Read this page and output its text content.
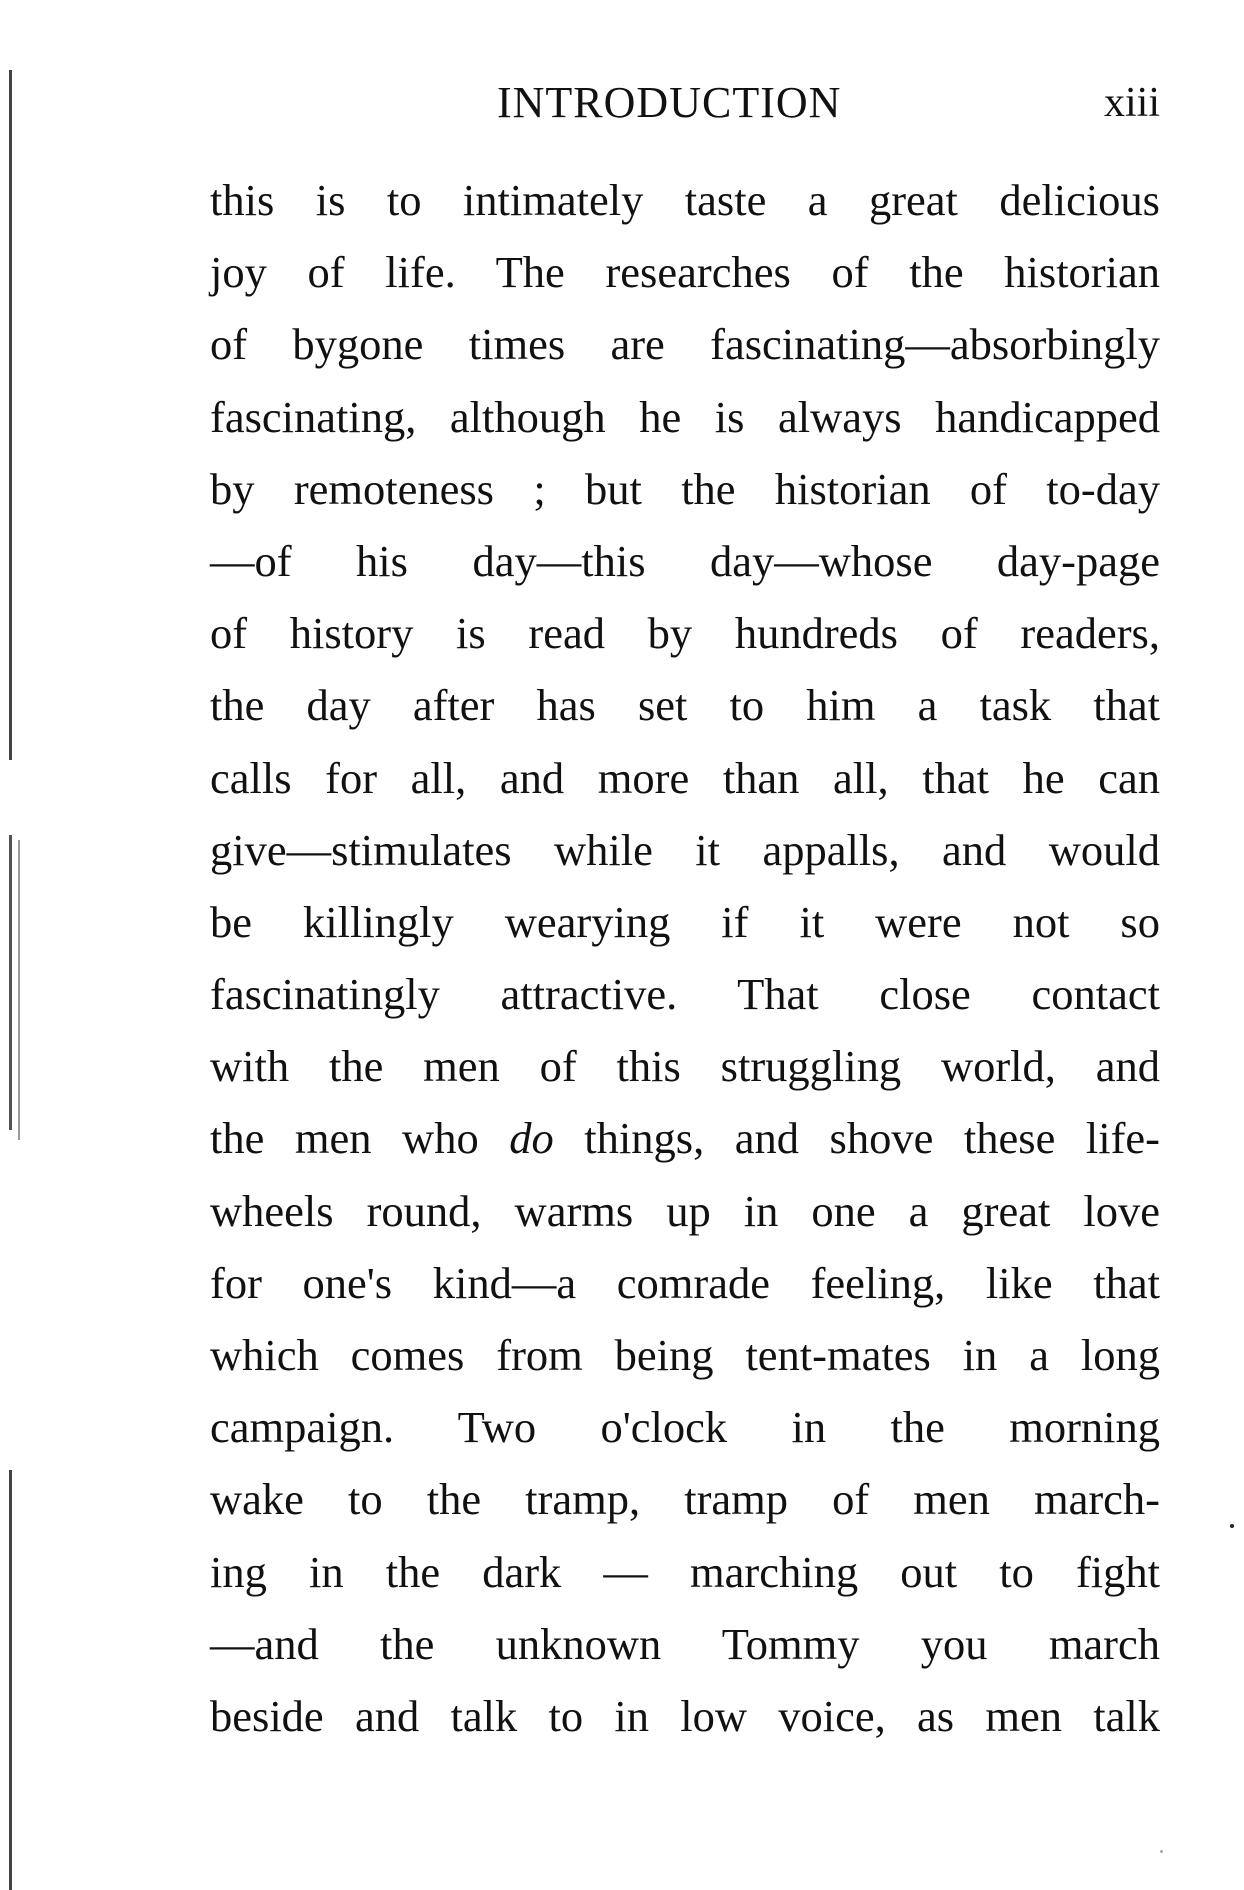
INTRODUCTION	xiii
this is to intimately taste a great delicious
joy of life. The researches of the historian
of bygone times are fascinating—absorbingly
fascinating, although he is always handicapped
by remoteness ; but the historian of to-day
—of his day—this day—whose day-page
of history is read by hundreds of readers,
the day after has set to him a task that
calls for all, and more than all, that he can
give—stimulates while it appalls, and would
be killingly wearying if it were not so
fascinatingly attractive. That close contact
with the men of this struggling world, and
the men who do things, and shove these life-
wheels round, warms up in one a great love
for one's kind—a comrade feeling, like that
which comes from being tent-mates in a long
campaign. Two o'clock in the morning
wake to the tramp, tramp of men march-
ing in the dark — marching out to fight
—and the unknown Tommy you march
beside and talk to in low voice, as men talk
